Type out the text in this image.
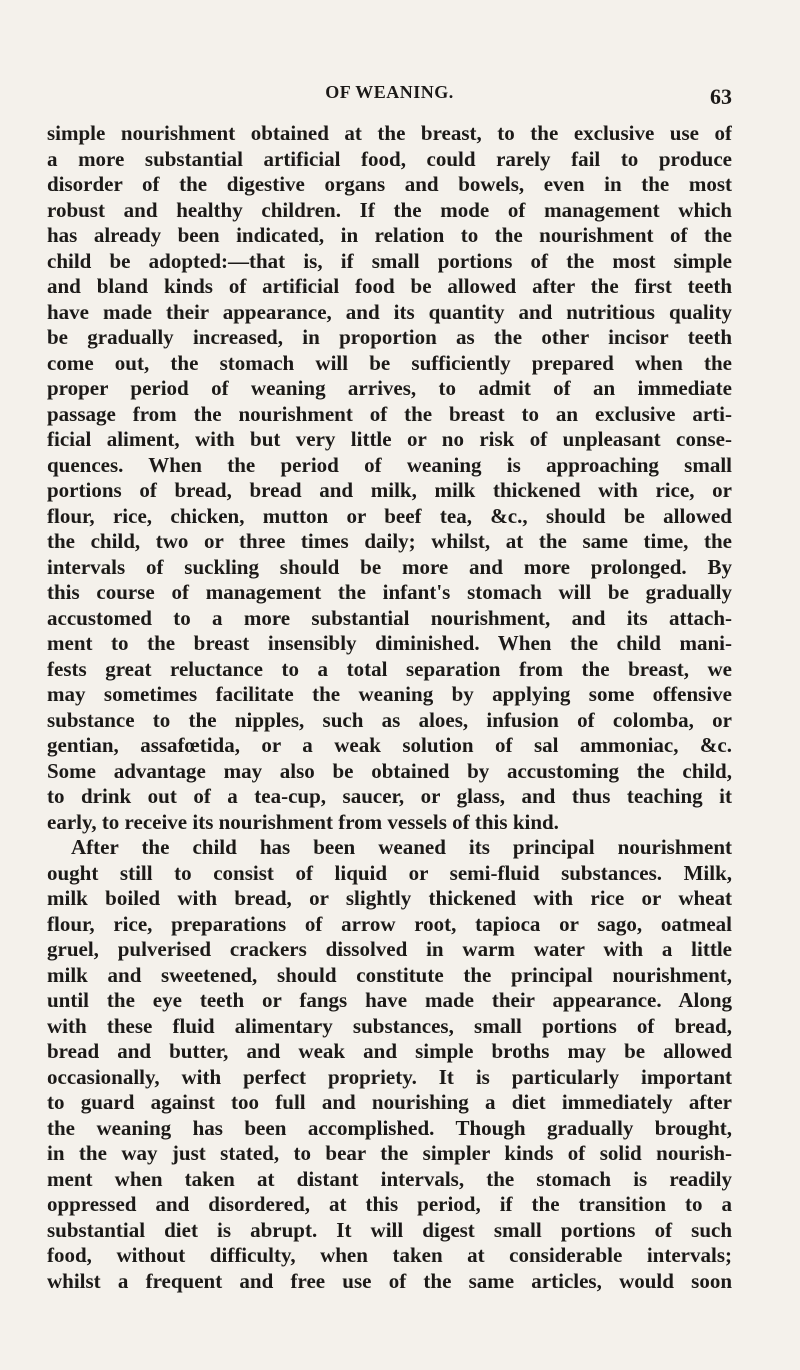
OF WEANING.	63
simple nourishment obtained at the breast, to the exclusive use of
a more substantial artificial food, could rarely fail to produce
disorder of the digestive organs and bowels, even in the most
robust and healthy children. If the mode of management which
has already been indicated, in relation to the nourishment of the
child be adopted:—that is, if small portions of the most simple
and bland kinds of artificial food be allowed after the first teeth
have made their appearance, and its quantity and nutritious quality
be gradually increased, in proportion as the other incisor teeth
come out, the stomach will be sufficiently prepared when the
proper period of weaning arrives, to admit of an immediate
passage from the nourishment of the breast to an exclusive arti-
ficial aliment, with but very little or no risk of unpleasant conse-
quences. When the period of weaning is approaching small
portions of bread, bread and milk, milk thickened with rice, or
flour, rice, chicken, mutton or beef tea, &c., should be allowed
the child, two or three times daily; whilst, at the same time, the
intervals of suckling should be more and more prolonged. By
this course of management the infant's stomach will be gradually
accustomed to a more substantial nourishment, and its attach-
ment to the breast insensibly diminished. When the child mani-
fests great reluctance to a total separation from the breast, we
may sometimes facilitate the weaning by applying some offensive
substance to the nipples, such as aloes, infusion of colomba, or
gentian, assafœtida, or a weak solution of sal ammoniac, &c.
Some advantage may also be obtained by accustoming the child,
to drink out of a tea-cup, saucer, or glass, and thus teaching it
early, to receive its nourishment from vessels of this kind.
After the child has been weaned its principal nourishment
ought still to consist of liquid or semi-fluid substances. Milk,
milk boiled with bread, or slightly thickened with rice or wheat
flour, rice, preparations of arrow root, tapioca or sago, oatmeal
gruel, pulverised crackers dissolved in warm water with a little
milk and sweetened, should constitute the principal nourishment,
until the eye teeth or fangs have made their appearance. Along
with these fluid alimentary substances, small portions of bread,
bread and butter, and weak and simple broths may be allowed
occasionally, with perfect propriety. It is particularly important
to guard against too full and nourishing a diet immediately after
the weaning has been accomplished. Though gradually brought,
in the way just stated, to bear the simpler kinds of solid nourish-
ment when taken at distant intervals, the stomach is readily
oppressed and disordered, at this period, if the transition to a
substantial diet is abrupt. It will digest small portions of such
food, without difficulty, when taken at considerable intervals;
whilst a frequent and free use of the same articles, would soon
